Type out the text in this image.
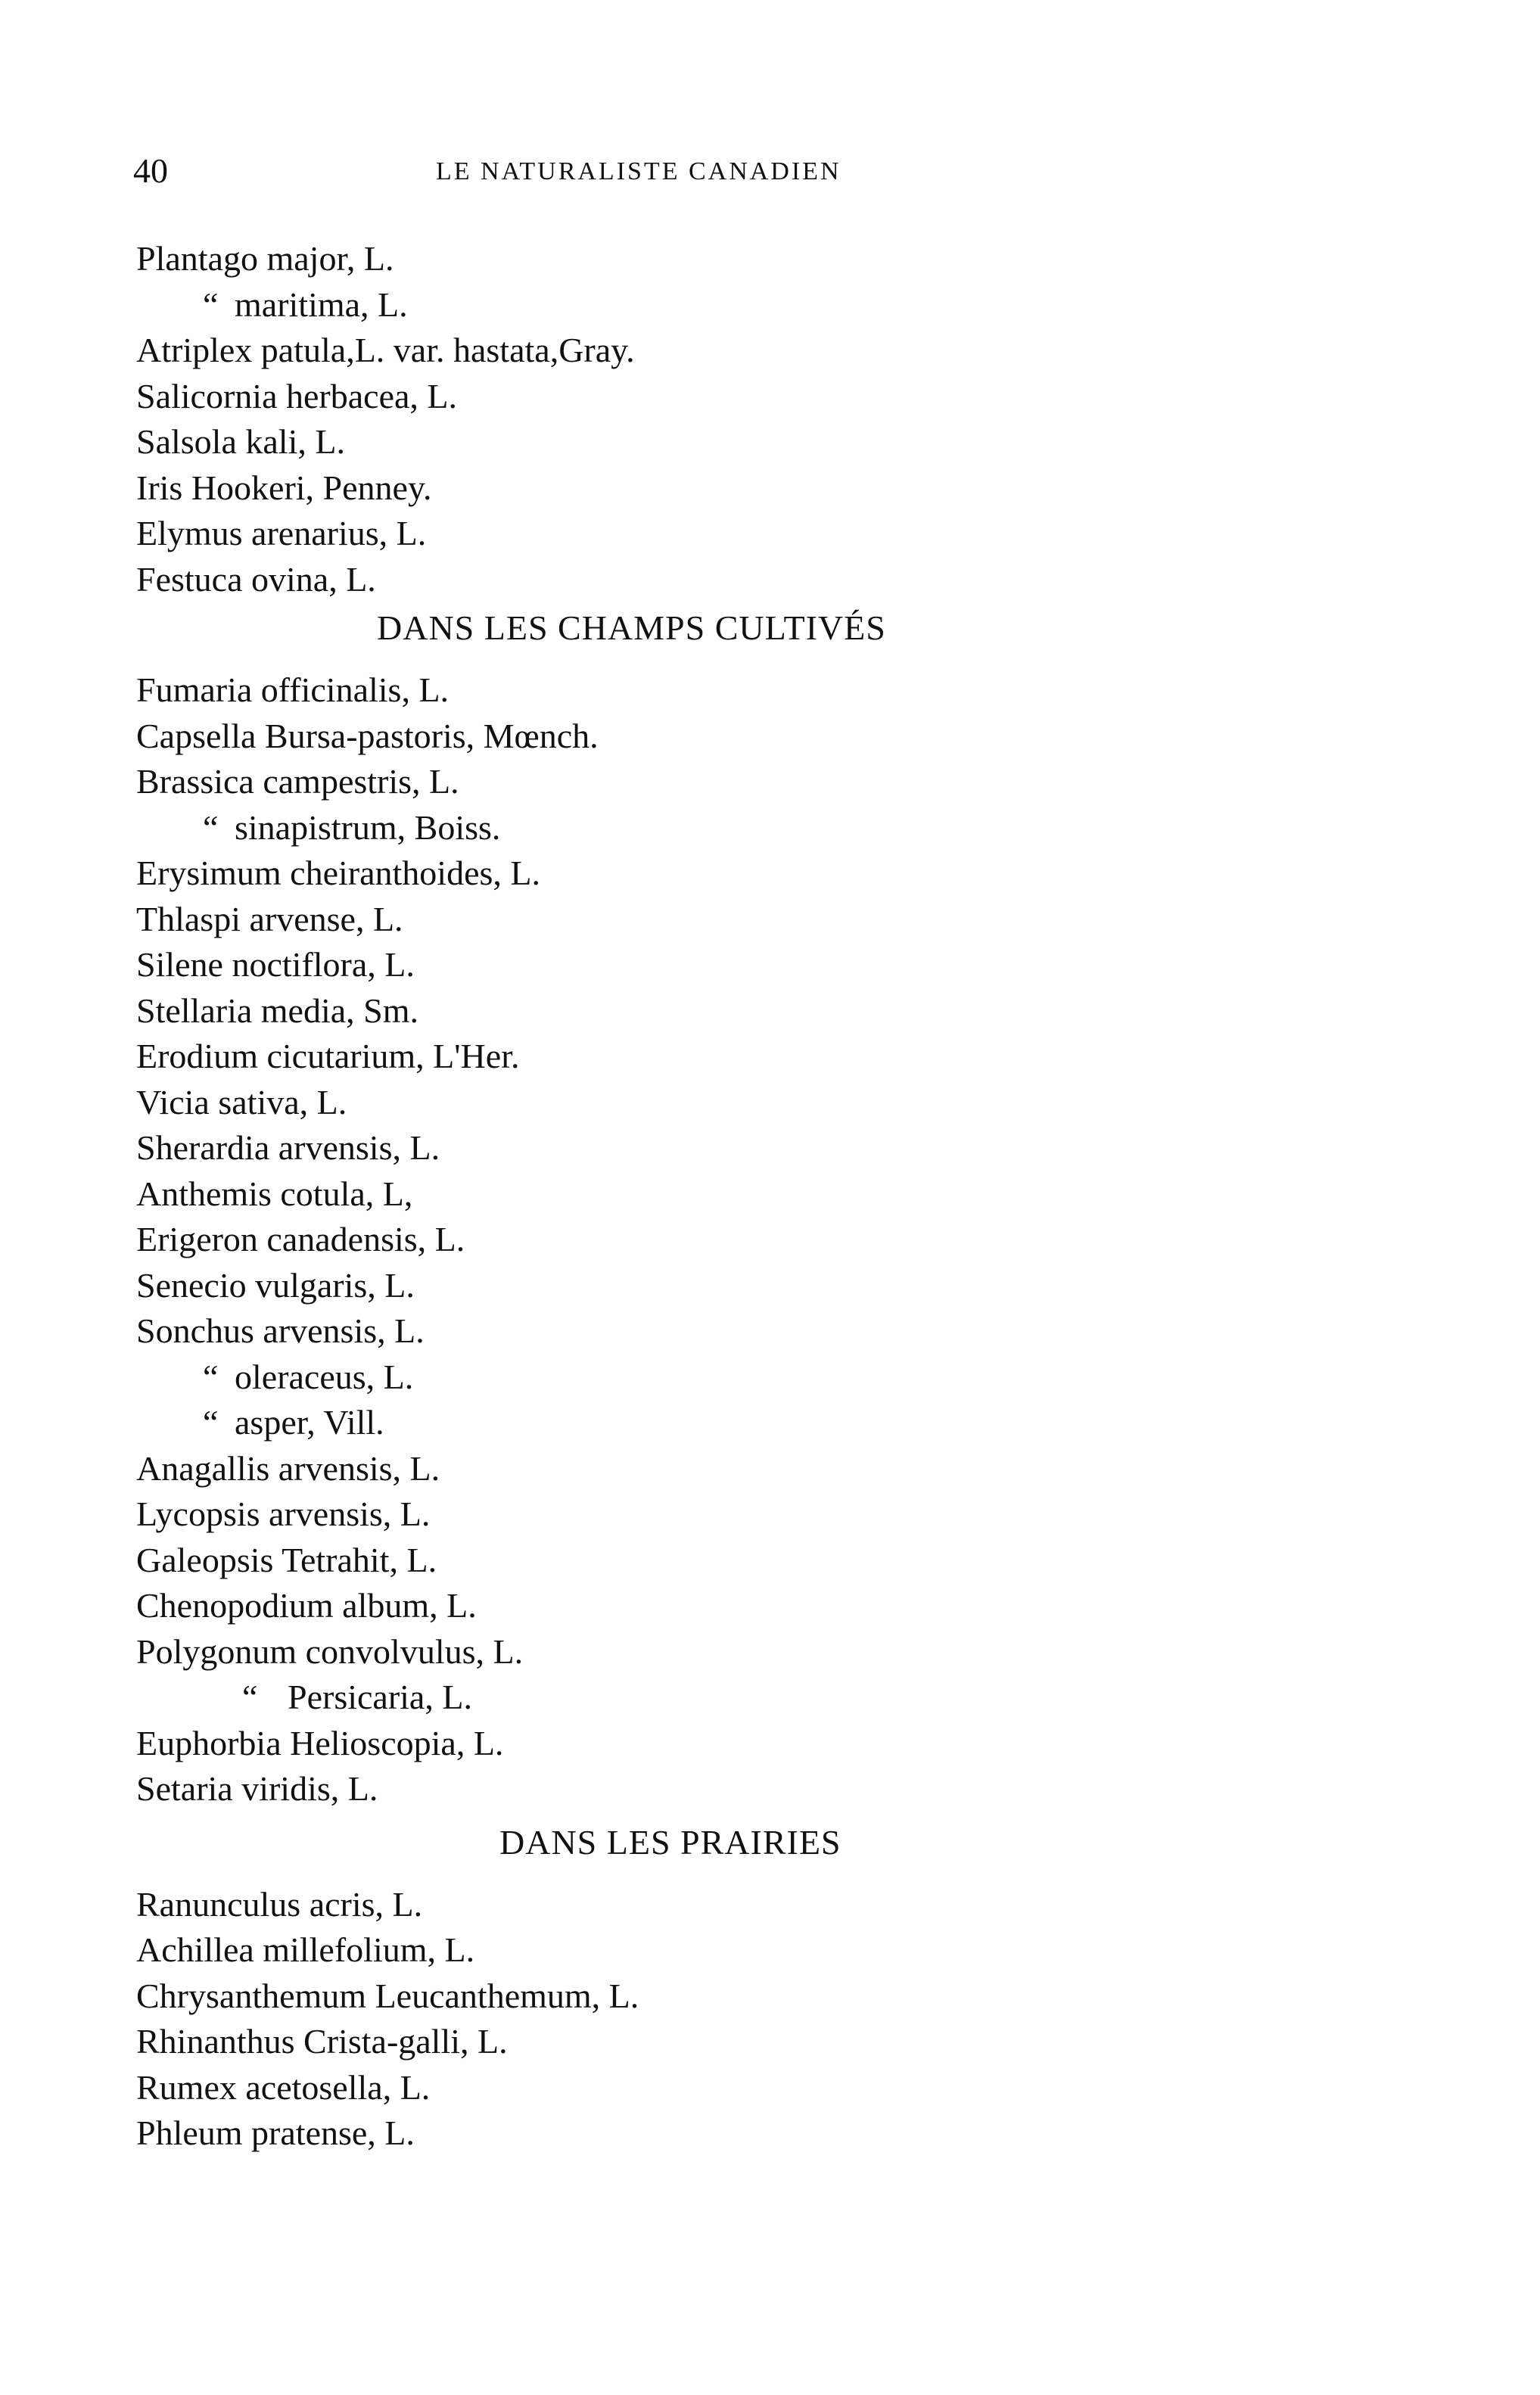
40	LE NATURALISTE CANADIEN
Plantago major, L.
“ maritima, L.
Atriplex patula,L. var. hastata,Gray.
Salicornia herbacea, L.
Salsola kali, L.
Iris Hookeri, Penney.
Elymus arenarius, L.
Festuca ovina, L.
DANS LES CHAMPS CULTIVÉS
Fumaria officinalis, L.
Capsella Bursa-pastoris, Mœnch.
Brassica campestris, L.
“ sinapistrum, Boiss.
Erysimum cheiranthoides, L.
Thlaspi arvense, L.
Silene noctiflora, L.
Stellaria media, Sm.
Erodium cicutarium, L'Her.
Vicia sativa, L.
Sherardia arvensis, L.
Anthemis cotula, L,
Erigeron canadensis, L.
Senecio vulgaris, L.
Sonchus arvensis, L.
“ oleraceus, L.
“ asper, Vill.
Anagallis arvensis, L.
Lycopsis arvensis, L.
Galeopsis Tetrahit, L.
Chenopodium album, L.
Polygonum convolvulus, L.
“ Persicaria, L.
Euphorbia Helioscopia, L.
Setaria viridis, L.
DANS LES PRAIRIES
Ranunculus acris, L.
Achillea millefolium, L.
Chrysanthemum Leucanthemum, L.
Rhinanthus Crista-galli, L.
Rumex acetosella, L.
Phleum pratense, L.
